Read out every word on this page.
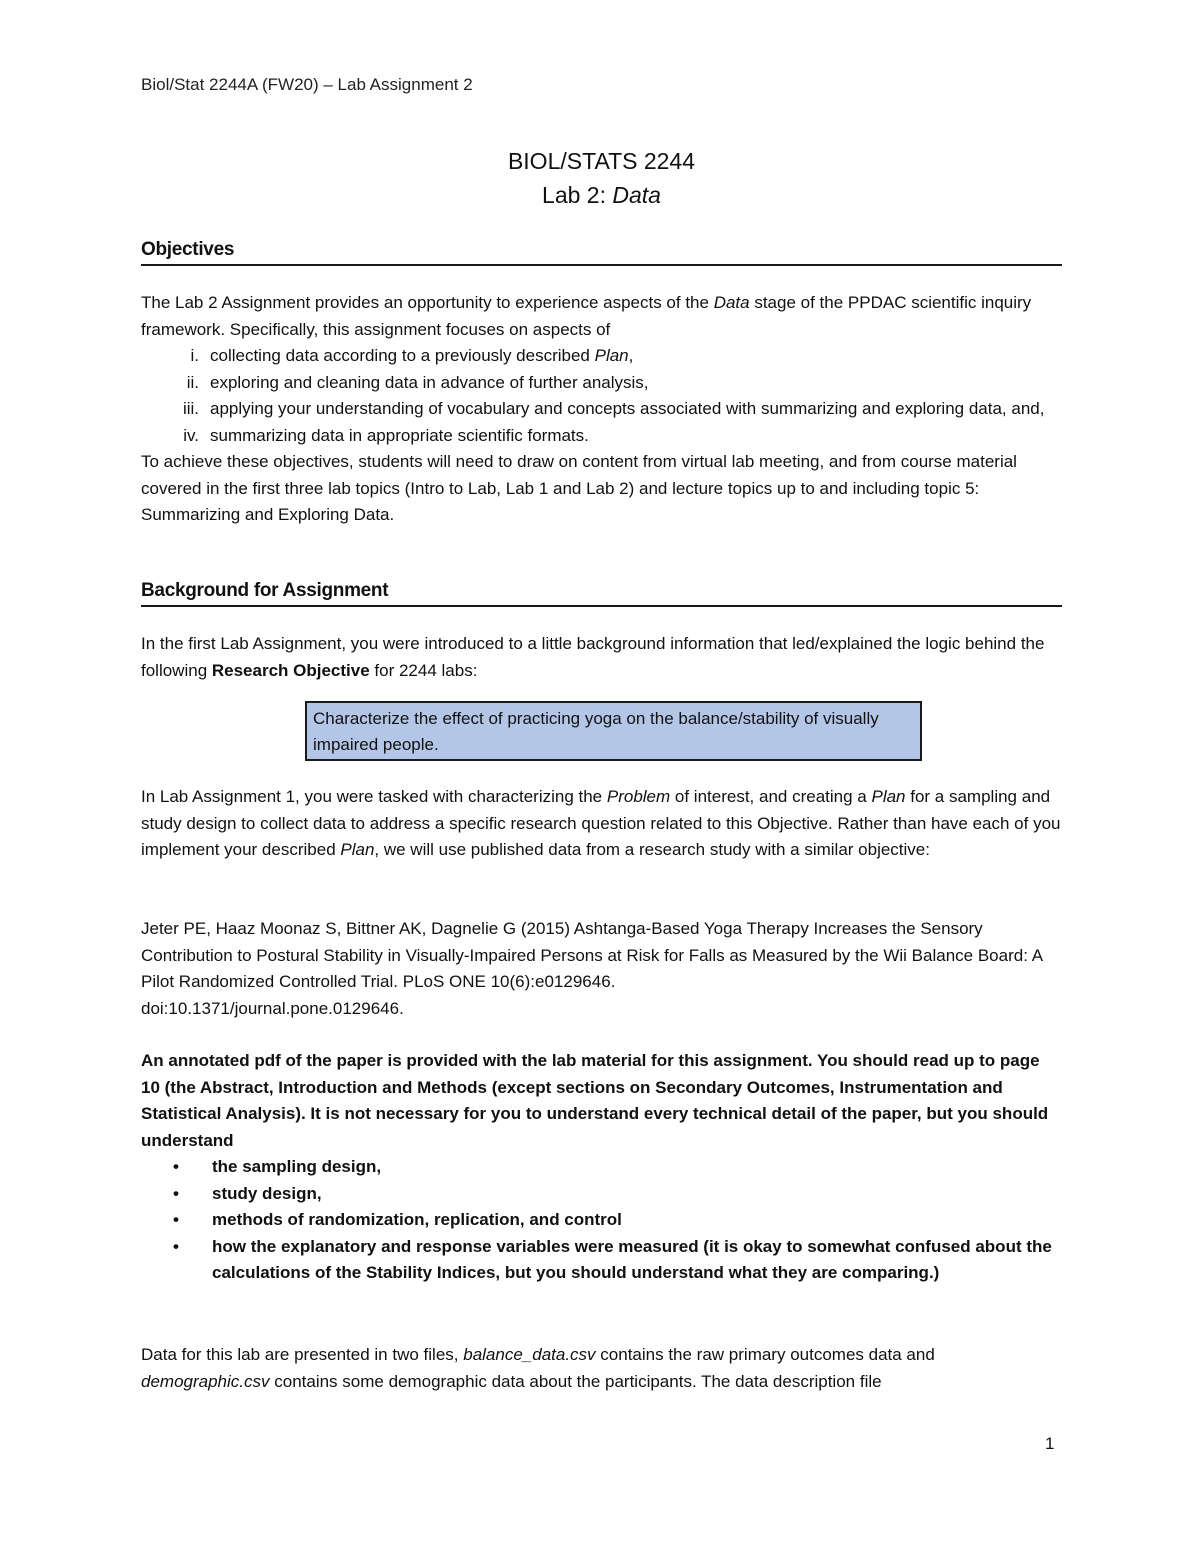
Biol/Stat 2244A (FW20) – Lab Assignment 2
BIOL/STATS 2244
Lab 2: Data
Objectives

The Lab 2 Assignment provides an opportunity to experience aspects of the Data stage of the PPDAC scientific inquiry framework. Specifically, this assignment focuses on aspects of

i. collecting data according to a previously described Plan,
ii. exploring and cleaning data in advance of further analysis,
iii. applying your understanding of vocabulary and concepts associated with summarizing and exploring data, and,
iv. summarizing data in appropriate scientific formats.

To achieve these objectives, students will need to draw on content from virtual lab meeting, and from course material covered in the first three lab topics (Intro to Lab, Lab 1 and Lab 2) and lecture topics up to and including topic 5: Summarizing and Exploring Data.

Background for Assignment

In the first Lab Assignment, you were introduced to a little background information that led/explained the logic behind the following Research Objective for 2244 labs:

Characterize the effect of practicing yoga on the balance/stability of visually impaired people.

In Lab Assignment 1, you were tasked with characterizing the Problem of interest, and creating a Plan for a sampling and study design to collect data to address a specific research question related to this Objective. Rather than have each of you implement your described Plan, we will use published data from a research study with a similar objective:

Jeter PE, Haaz Moonaz S, Bittner AK, Dagnelie G (2015) Ashtanga-Based Yoga Therapy Increases the Sensory Contribution to Postural Stability in Visually-Impaired Persons at Risk for Falls as Measured by the Wii Balance Board: A Pilot Randomized Controlled Trial. PLoS ONE 10(6):e0129646.

doi:10.1371/journal.pone.0129646.

An annotated pdf of the paper is provided with the lab material for this assignment. You should read up to page 10 (the Abstract, Introduction and Methods (except sections on Secondary Outcomes, Instrumentation and Statistical Analysis). It is not necessary for you to understand every technical detail of the paper, but you should understand

• the sampling design,
• study design,
• methods of randomization, replication, and control
• how the explanatory and response variables were measured (it is okay to somewhat confused about the calculations of the Stability Indices, but you should understand what they are comparing.)

Data for this lab are presented in two files, balance_data.csv contains the raw primary outcomes data and demographic.csv contains some demographic data about the participants. The data description file

1
